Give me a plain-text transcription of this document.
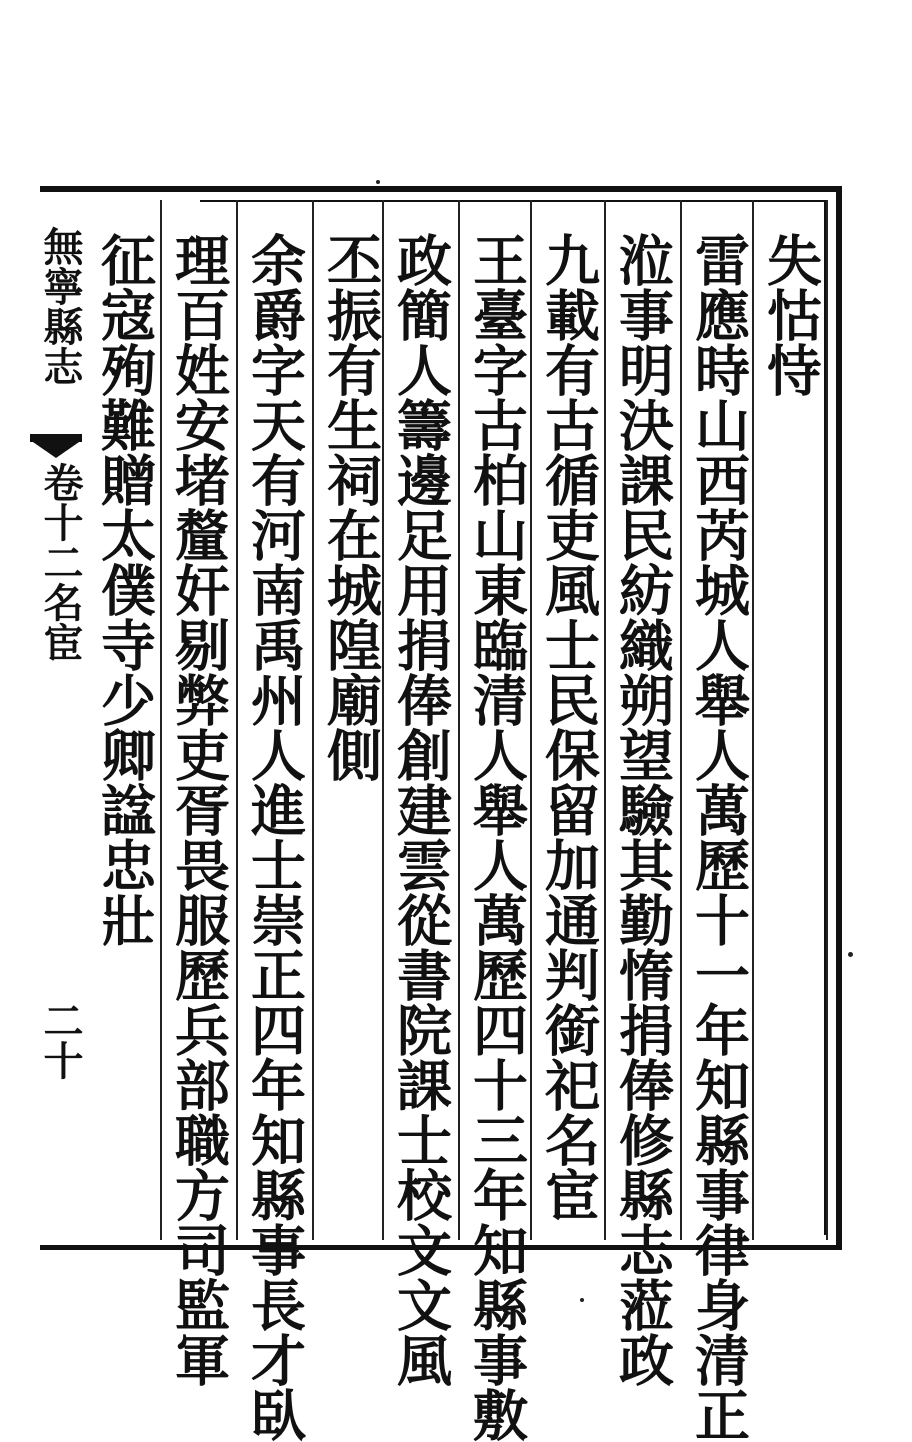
無寧縣志
卷十二名宦
二十
失怙恃
雷應時山西芮城人舉人萬歷十一年知縣事律身清正
涖事明決課民紡織朔望驗其勤惰捐俸修縣志蒞政
九載有古循吏風士民保留加通判銜祀名宦
王臺字古柏山東臨清人舉人萬歷四十三年知縣事敷
政簡人籌邊足用捐俸創建雲從書院課士校文文風
丕振有生祠在城隍廟側
余爵字天有河南禹州人進士崇正四年知縣事長才臥
理百姓安堵釐奸剔弊吏胥畏服歷兵部職方司監軍
征寇殉難贈太僕寺少卿諡忠壯
